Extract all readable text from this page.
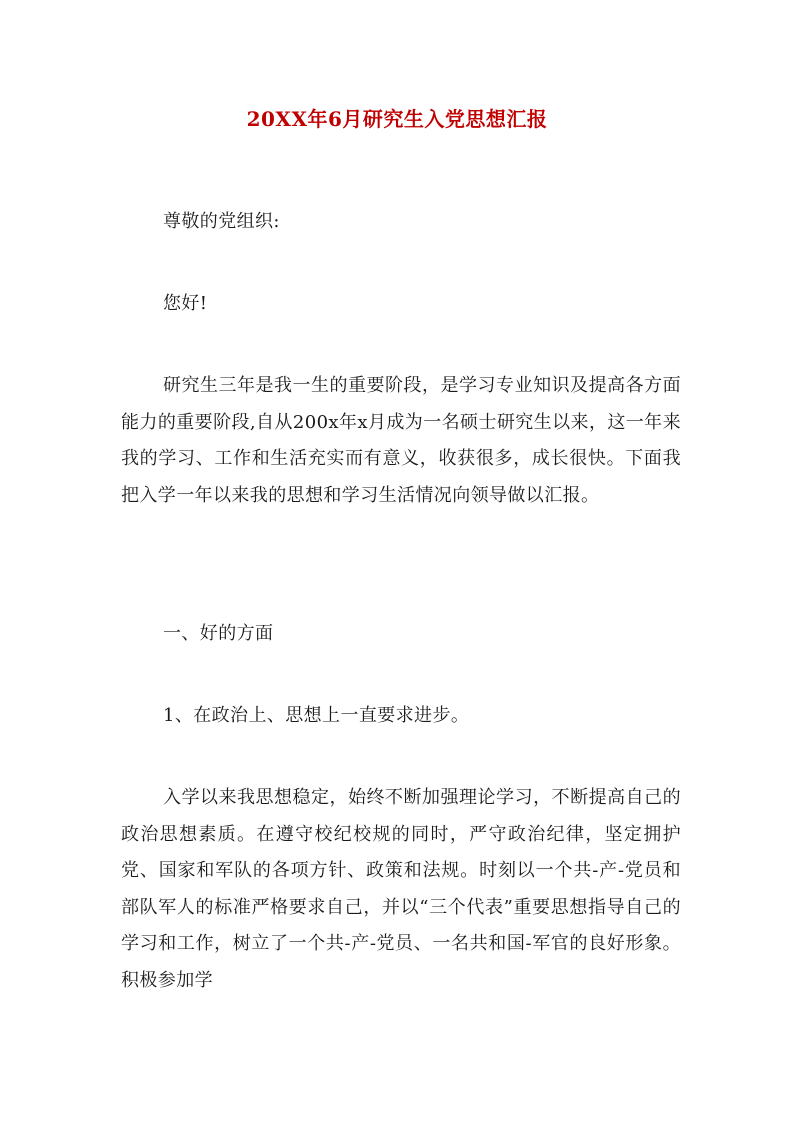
20XX年6月研究生入党思想汇报

尊敬的党组织:

您好!

研究生三年是我一生的重要阶段，是学习专业知识及提高各方面能力的重要阶段,自从200x年x月成为一名硕士研究生以来，这一年来我的学习、工作和生活充实而有意义，收获很多，成长很快。下面我把入学一年以来我的思想和学习生活情况向领导做以汇报。

一、好的方面

1、在政治上、思想上一直要求进步。

入学以来我思想稳定，始终不断加强理论学习，不断提高自己的政治思想素质。在遵守校纪校规的同时，严守政治纪律，坚定拥护党、国家和军队的各项方针、政策和法规。时刻以一个共-产-党员和部队军人的标准严格要求自己，并以“三个代表”重要思想指导自己的学习和工作，树立了一个共-产-党员、一名共和国-军官的良好形象。积极参加学
